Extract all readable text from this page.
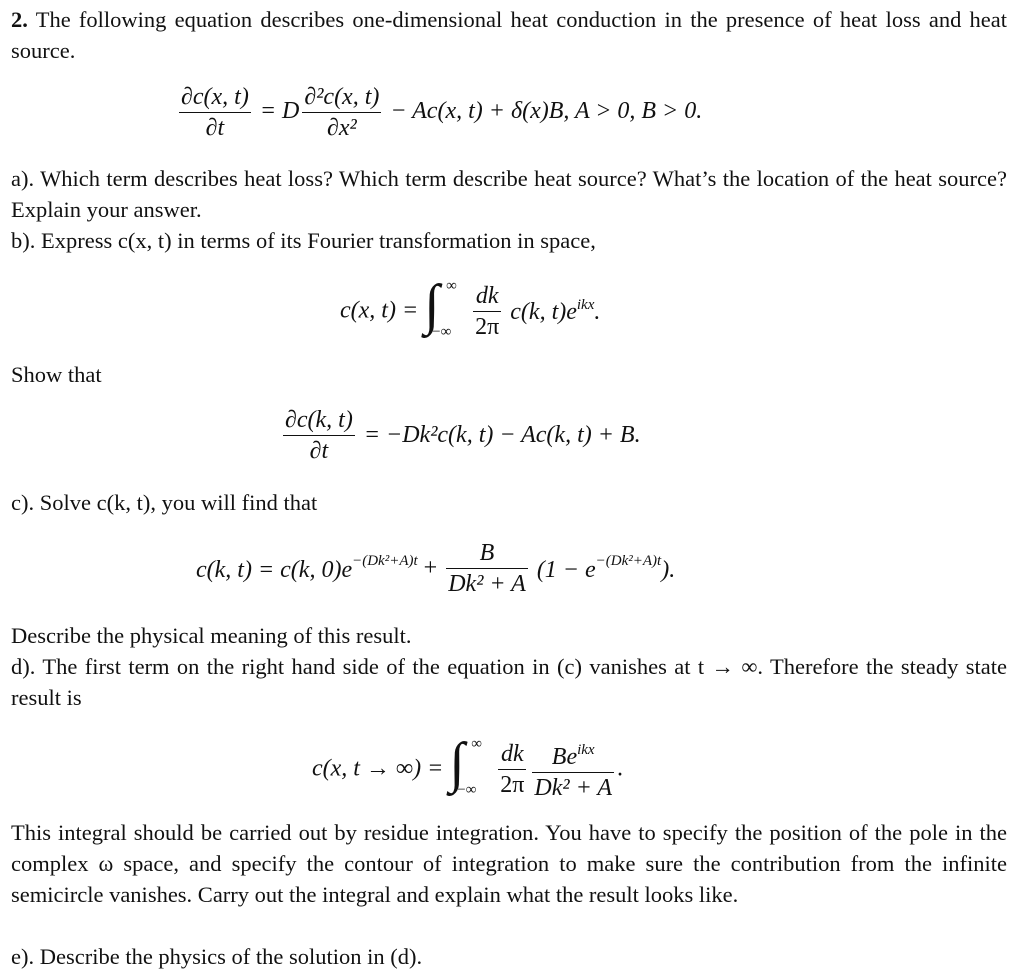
2. The following equation describes one-dimensional heat conduction in the presence of heat loss and heat source.
$\frac{\partial c(x, t)}{\partial t} = D \frac{\text{∂²c(x, t)}}{\text{∂x²}} - Ac(x$, t) + δ(x)B, A > 0, B > 0.
a). Which term describes heat loss? Which term describe heat source? What’s the location of the heat source? Explain your answer.
b). Express c(x, t) in terms of its Fourier transformation in space,
c(x, t) = ∫ ∞
−∞
$\frac{dk}{2\pi} c(k$, $t)e^{ikx}$.
Show that
$\frac{\partial c(k, t)}{\partial t} = -Dk^2c(k$, t) − Ac(k, t) + B.
c). Solve c(k, t), you will find that
c(k, t) = c(k, $0)e^{-(Dk^2+A)t} + \frac{B}{\text{Dk² + A}} (1 - e^{-(Dk^2+A)t})$.
Describe the physical meaning of this result.
d). The first term on the right hand side of the equation in (c) vanishes at t → ∞. Therefore the steady state result is
c(x, t → ∞) = ∫ ∞
−∞
$\frac{dk}{2\pi} \frac{Be^{ikx}}{\text{Dk² + A}}$ .
This integral should be carried out by residue integration. You have to specify the position of the pole in the complex ω space, and specify the contour of integration to make sure the contribution from the infinite semicircle vanishes. Carry out the integral and explain what the result looks like.
e). Describe the physics of the solution in (d).
